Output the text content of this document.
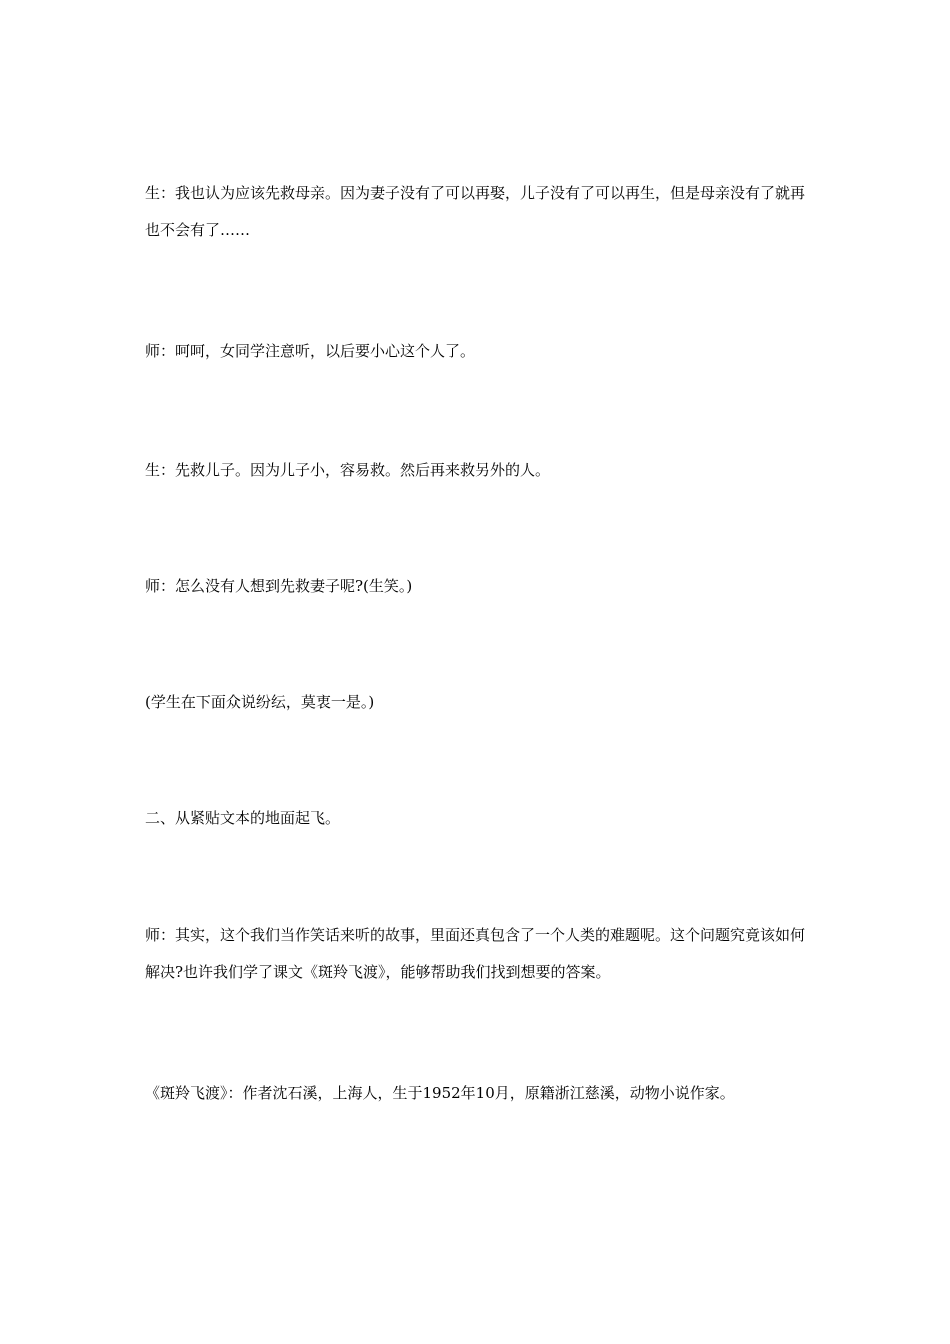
生：我也认为应该先救母亲。因为妻子没有了可以再娶，儿子没有了可以再生，但是母亲没有了就再也不会有了……

师：呵呵，女同学注意听，以后要小心这个人了。

生：先救儿子。因为儿子小，容易救。然后再来救另外的人。

师：怎么没有人想到先救妻子呢?(生笑。)

(学生在下面众说纷纭，莫衷一是。)

二、从紧贴文本的地面起飞。

师：其实，这个我们当作笑话来听的故事，里面还真包含了一个人类的难题呢。这个问题究竟该如何解决?也许我们学了课文《斑羚飞渡》，能够帮助我们找到想要的答案。

《斑羚飞渡》：作者沈石溪，上海人，生于1952年10月，原籍浙江慈溪，动物小说作家。
